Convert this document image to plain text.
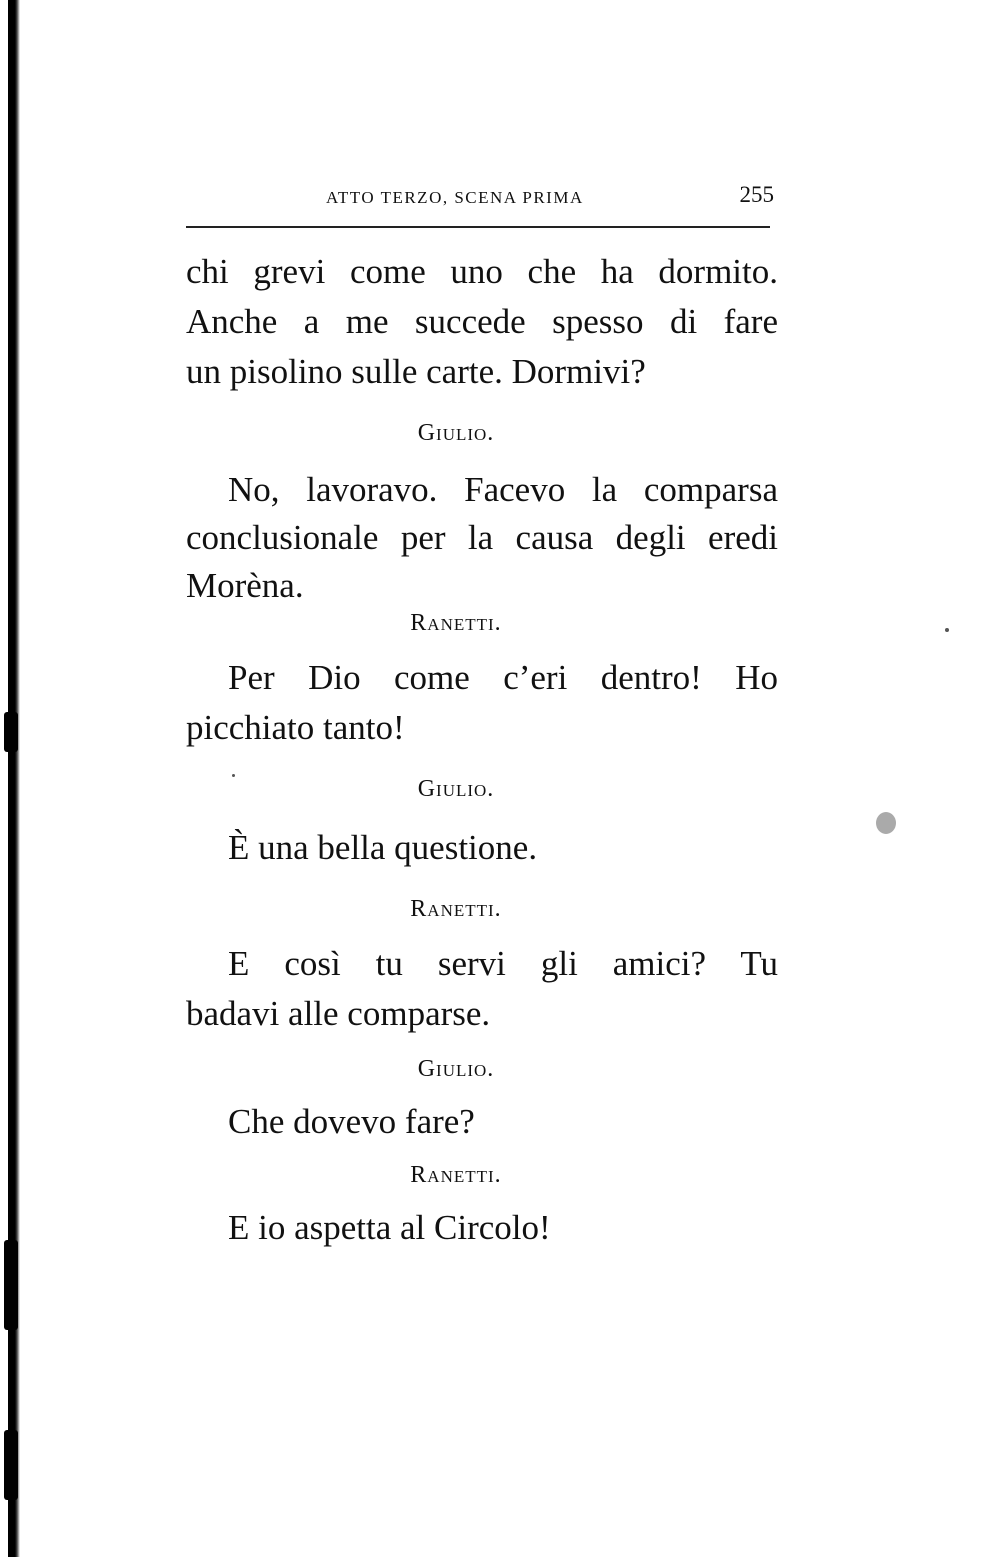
ATTO TERZO, SCENA PRIMA	255
chi grevi come uno che ha dormito.
Anche a me succede spesso di fare
un pisolino sulle carte. Dormivi?
Giulio.
No, lavoravo. Facevo la comparsa
conclusionale per la causa degli eredi
Morèna.
Ranetti.
Per Dio come c’eri dentro! Ho
picchiato tanto!
Giulio.
È una bella questione.
Ranetti.
E così tu servi gli amici? Tu
badavi alle comparse.
Giulio.
Che dovevo fare?
Ranetti.
E io aspetta al Circolo!
